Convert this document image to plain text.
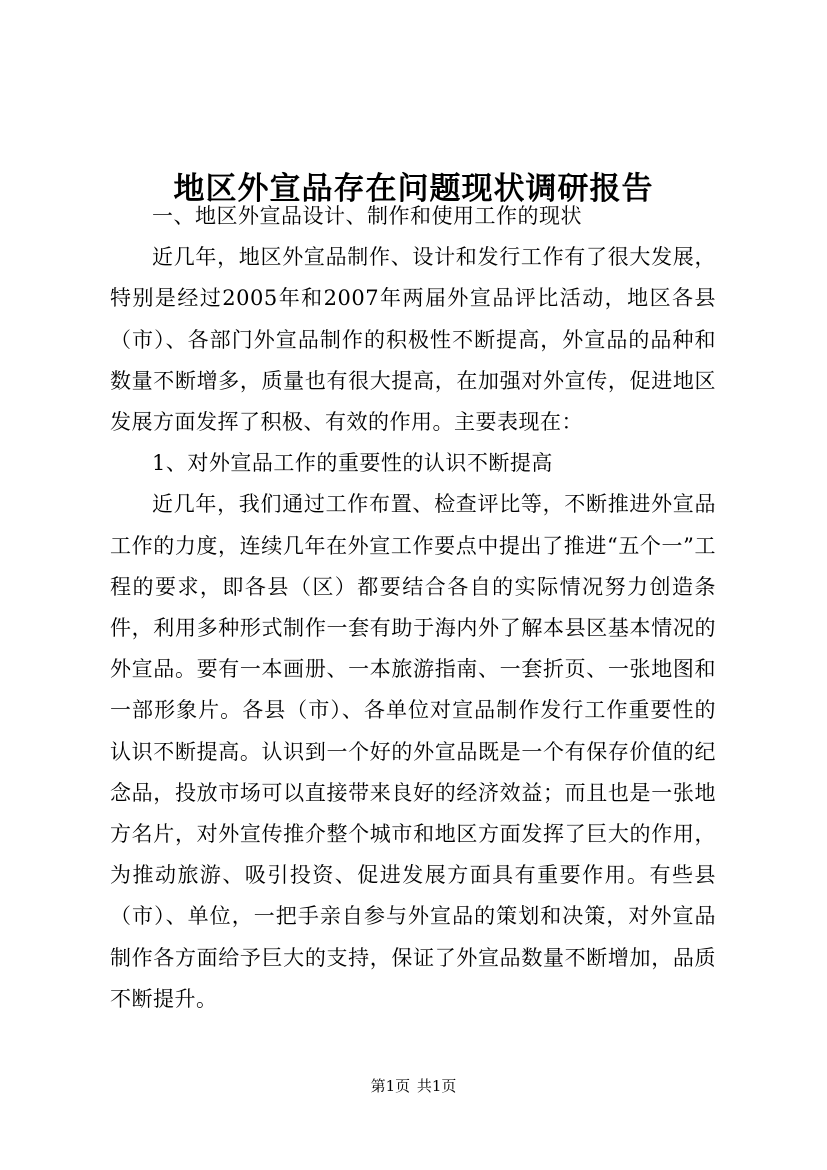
地区外宣品存在问题现状调研报告

一、地区外宣品设计、制作和使用工作的现状

近几年，地区外宣品制作、设计和发行工作有了很大发展，特别是经过2005年和2007年两届外宣品评比活动，地区各县（市）、各部门外宣品制作的积极性不断提高，外宣品的品种和数量不断增多，质量也有很大提高，在加强对外宣传，促进地区发展方面发挥了积极、有效的作用。主要表现在：

1、对外宣品工作的重要性的认识不断提高

近几年，我们通过工作布置、检查评比等，不断推进外宣品工作的力度，连续几年在外宣工作要点中提出了推进“五个一”工程的要求，即各县（区）都要结合各自的实际情况努力创造条件，利用多种形式制作一套有助于海内外了解本县区基本情况的外宣品。要有一本画册、一本旅游指南、一套折页、一张地图和一部形象片。各县（市）、各单位对宣品制作发行工作重要性的认识不断提高。认识到一个好的外宣品既是一个有保存价值的纪念品，投放市场可以直接带来良好的经济效益；而且也是一张地方名片，对外宣传推介整个城市和地区方面发挥了巨大的作用，为推动旅游、吸引投资、促进发展方面具有重要作用。有些县（市）、单位，一把手亲自参与外宣品的策划和决策，对外宣品制作各方面给予巨大的支持，保证了外宣品数量不断增加，品质不断提升。

第1页 共1页
